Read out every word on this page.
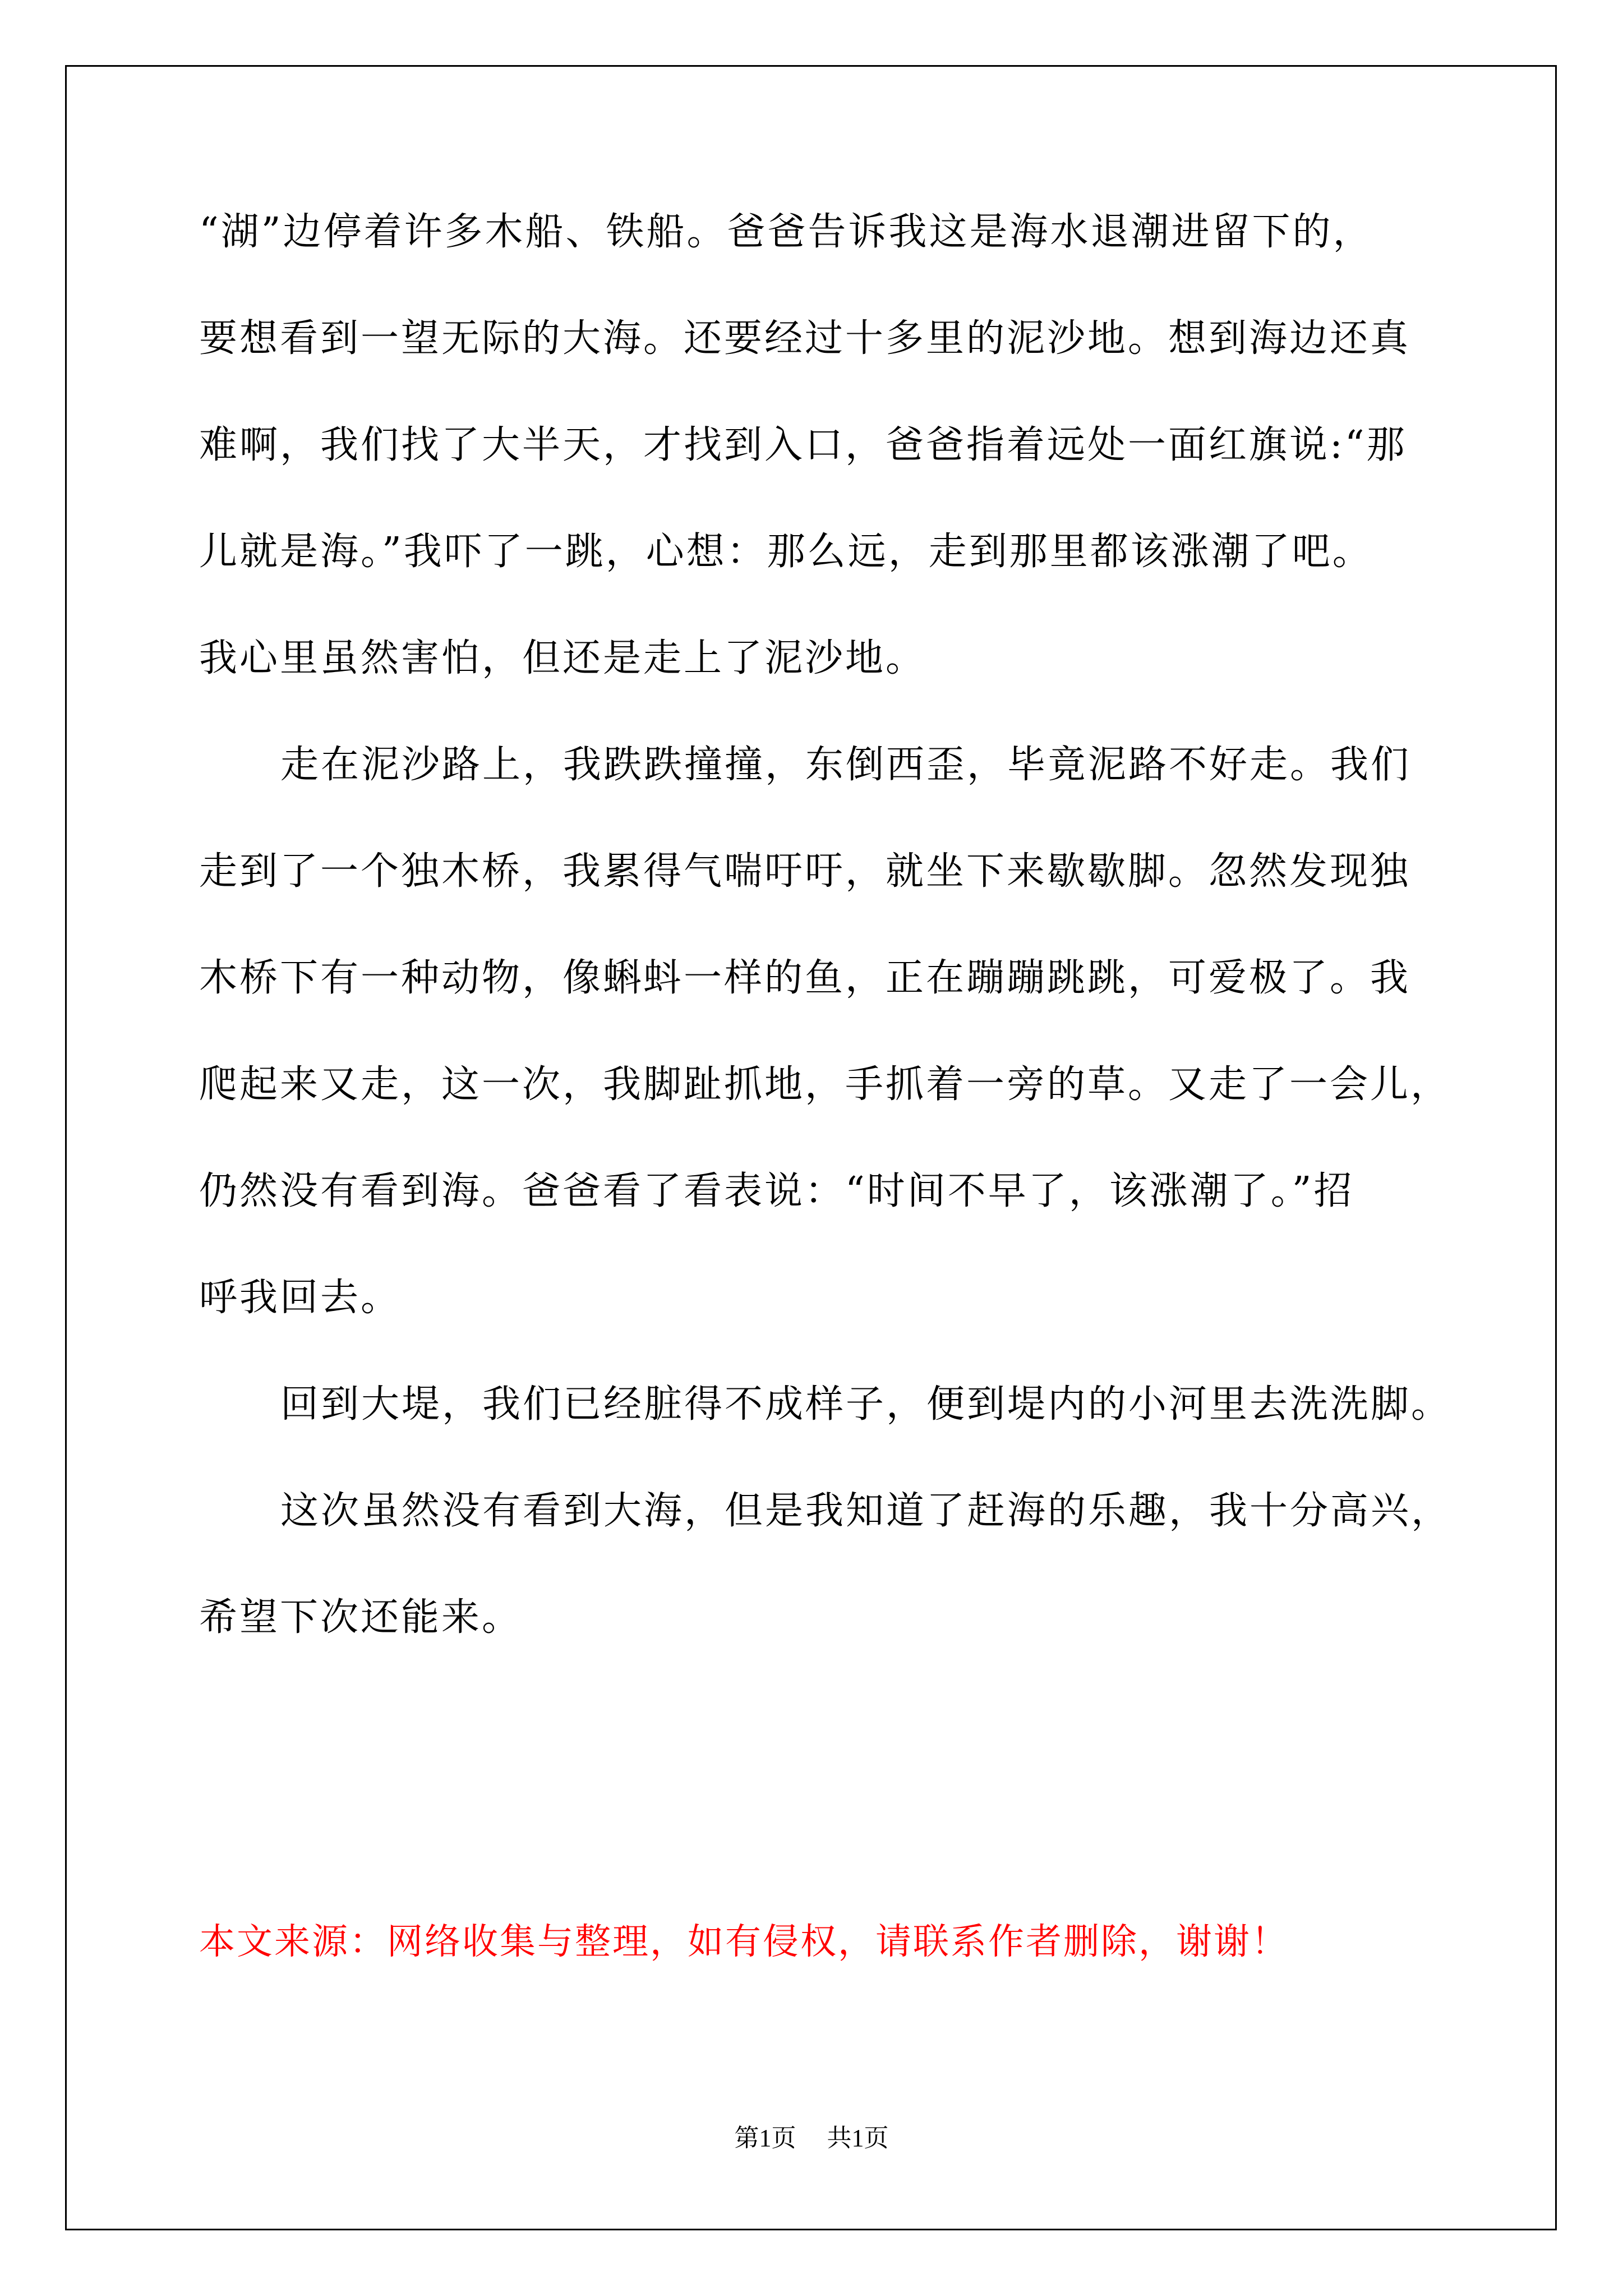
“湖”边停着许多木船、铁船。爸爸告诉我这是海水退潮进留下的，
要想看到一望无际的大海。还要经过十多里的泥沙地。想到海边还真
难啊，我们找了大半天，才找到入口，爸爸指着远处一面红旗说:“那
儿就是海。”我吓了一跳，心想：那么远，走到那里都该涨潮了吧。
我心里虽然害怕，但还是走上了泥沙地。
走在泥沙路上，我跌跌撞撞，东倒西歪，毕竟泥路不好走。我们
走到了一个独木桥，我累得气喘吁吁，就坐下来歇歇脚。忽然发现独
木桥下有一种动物，像蝌蚪一样的鱼，正在蹦蹦跳跳，可爱极了。我
爬起来又走，这一次，我脚趾抓地，手抓着一旁的草。又走了一会儿，
仍然没有看到海。爸爸看了看表说：“时间不早了，该涨潮了。”招
呼我回去。
回到大堤，我们已经脏得不成样子，便到堤内的小河里去洗洗脚。
这次虽然没有看到大海，但是我知道了赶海的乐趣，我十分高兴，
希望下次还能来。
本文来源：网络收集与整理，如有侵权，请联系作者删除，谢谢！
第1页 共1页
